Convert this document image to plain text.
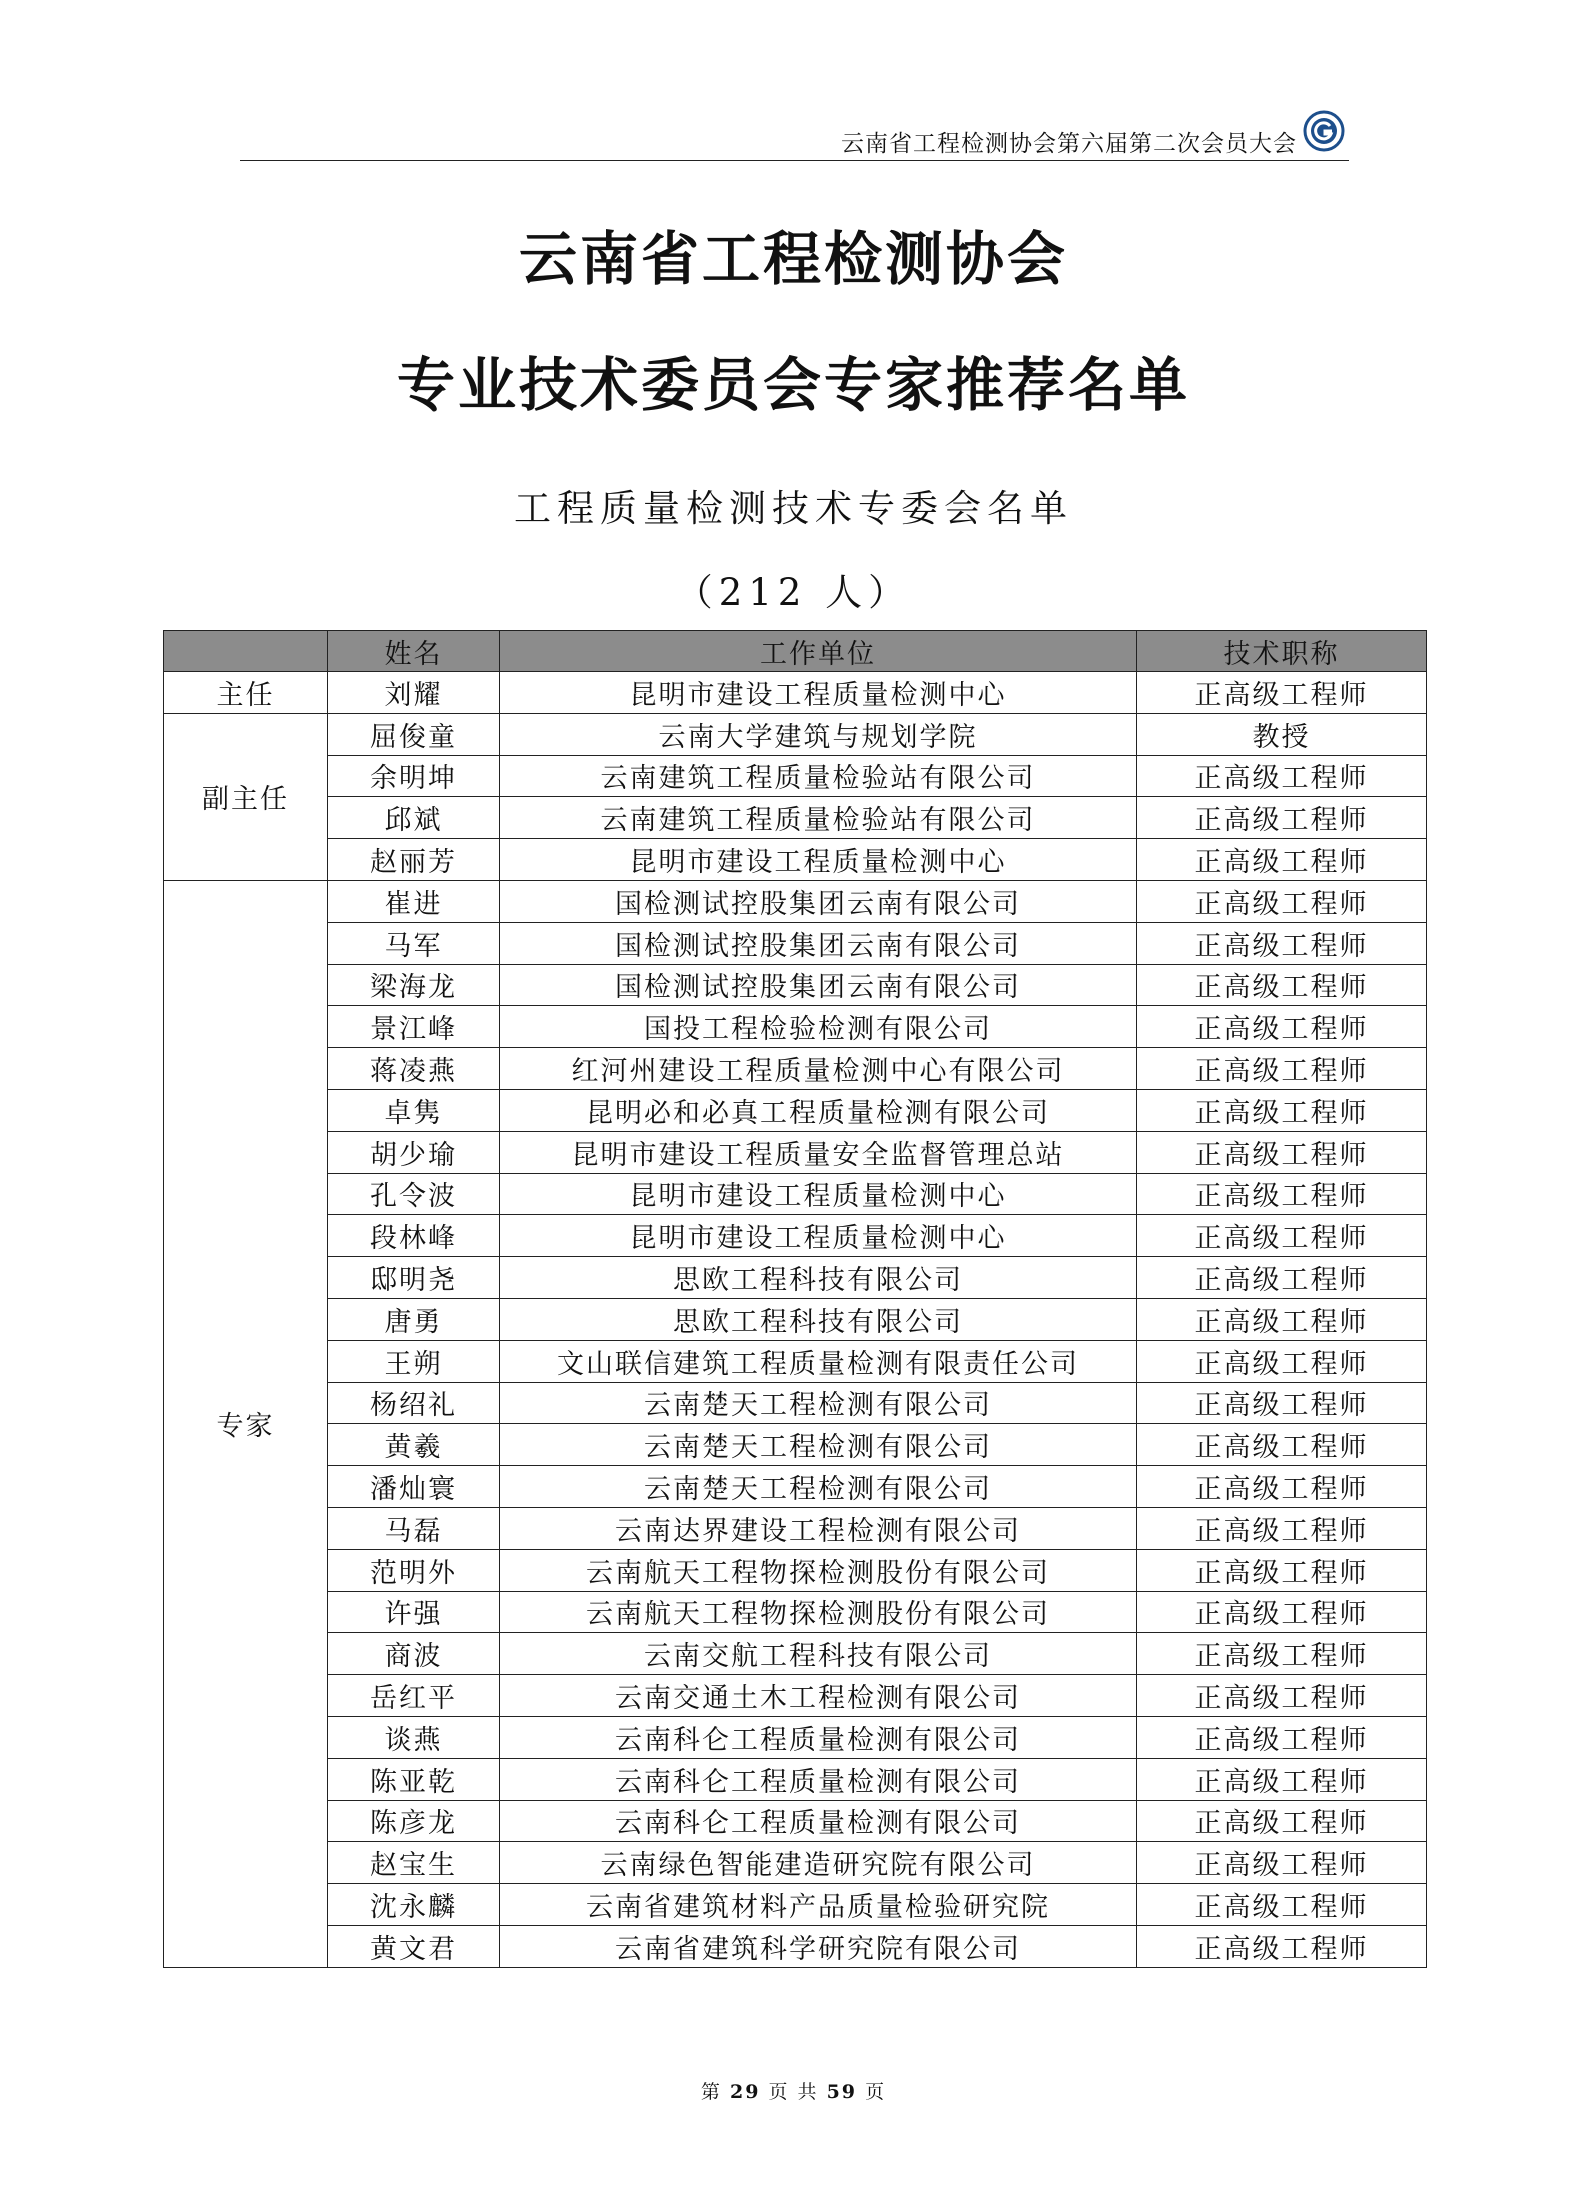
云南省工程检测协会第六届第二次会员大会
云南省工程检测协会
专业技术委员会专家推荐名单
工程质量检测技术专委会名单
（212 人）
	姓名	工作单位	技术职称
主任	刘耀	昆明市建设工程质量检测中心	正高级工程师
副主任	屈俊童	云南大学建筑与规划学院	教授
	余明坤	云南建筑工程质量检验站有限公司	正高级工程师
	邱斌	云南建筑工程质量检验站有限公司	正高级工程师
	赵丽芳	昆明市建设工程质量检测中心	正高级工程师
专家	崔进	国检测试控股集团云南有限公司	正高级工程师
	马军	国检测试控股集团云南有限公司	正高级工程师
	梁海龙	国检测试控股集团云南有限公司	正高级工程师
	景江峰	国投工程检验检测有限公司	正高级工程师
	蒋凌燕	红河州建设工程质量检测中心有限公司	正高级工程师
	卓隽	昆明必和必真工程质量检测有限公司	正高级工程师
	胡少瑜	昆明市建设工程质量安全监督管理总站	正高级工程师
	孔令波	昆明市建设工程质量检测中心	正高级工程师
	段林峰	昆明市建设工程质量检测中心	正高级工程师
	邸明尧	思欧工程科技有限公司	正高级工程师
	唐勇	思欧工程科技有限公司	正高级工程师
	王朔	文山联信建筑工程质量检测有限责任公司	正高级工程师
	杨绍礼	云南楚天工程检测有限公司	正高级工程师
	黄羲	云南楚天工程检测有限公司	正高级工程师
	潘灿寰	云南楚天工程检测有限公司	正高级工程师
	马磊	云南达界建设工程检测有限公司	正高级工程师
	范明外	云南航天工程物探检测股份有限公司	正高级工程师
	许强	云南航天工程物探检测股份有限公司	正高级工程师
	商波	云南交航工程科技有限公司	正高级工程师
	岳红平	云南交通土木工程检测有限公司	正高级工程师
	谈燕	云南科仑工程质量检测有限公司	正高级工程师
	陈亚乾	云南科仑工程质量检测有限公司	正高级工程师
	陈彦龙	云南科仑工程质量检测有限公司	正高级工程师
	赵宝生	云南绿色智能建造研究院有限公司	正高级工程师
	沈永麟	云南省建筑材料产品质量检验研究院	正高级工程师
	黄文君	云南省建筑科学研究院有限公司	正高级工程师
第 29 页 共 59 页
